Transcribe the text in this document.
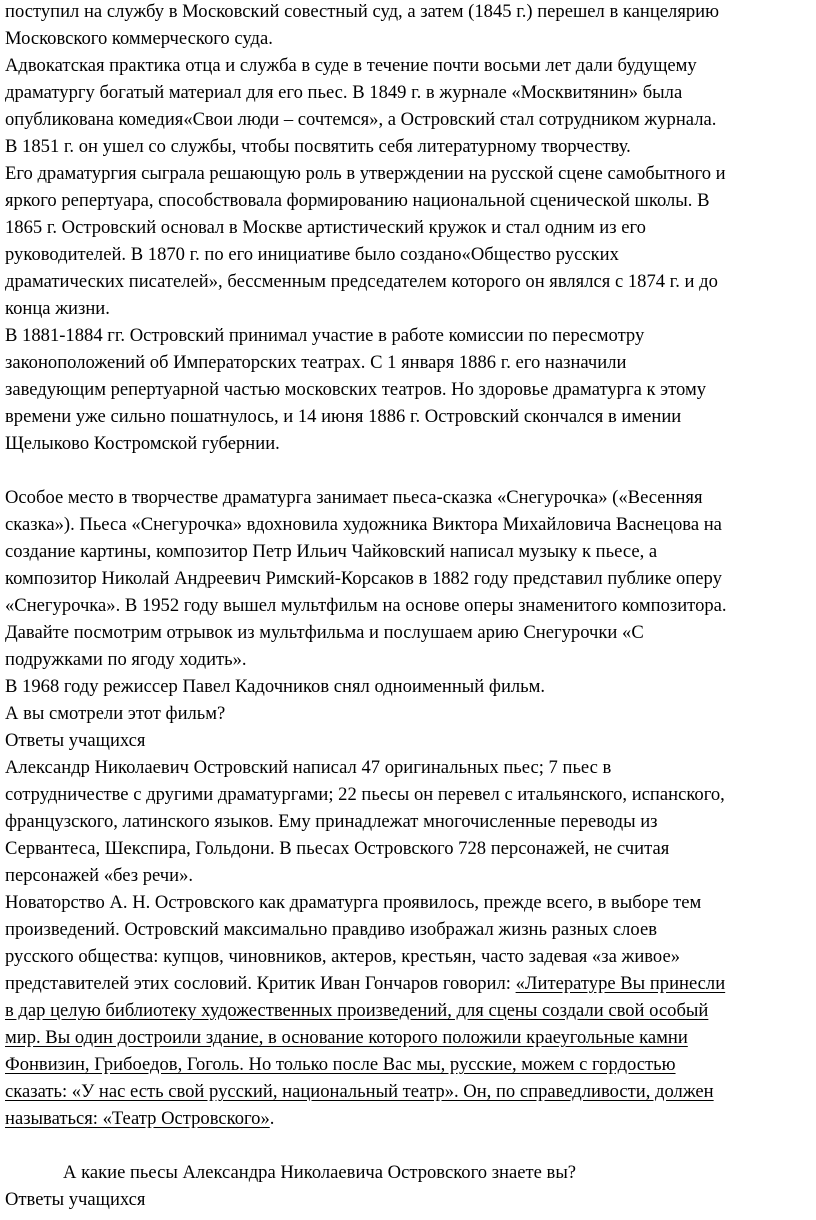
поступил на службу в Московский совестный суд, а затем (1845 г.) перешел в канцелярию
Московского коммерческого суда.
Адвокатская практика отца и служба в суде в течение почти восьми лет дали будущему
драматургу богатый материал для его пьес. В 1849 г. в журнале «Москвитянин» была
опубликована комедия«Свои люди – сочтемся», а Островский стал сотрудником журнала.
В 1851 г. он ушел со службы, чтобы посвятить себя литературному творчеству.
Его драматургия сыграла решающую роль в утверждении на русской сцене самобытного и
яркого репертуара, способствовала формированию национальной сценической школы. В
1865 г. Островский основал в Москве артистический кружок и стал одним из его
руководителей. В 1870 г. по его инициативе было создано«Общество русских
драматических писателей», бессменным председателем которого он являлся с 1874 г. и до
конца жизни.
В 1881-1884 гг. Островский принимал участие в работе комиссии по пересмотру
законоположений об Императорских театрах. С 1 января 1886 г. его назначили
заведующим репертуарной частью московских театров. Но здоровье драматурга к этому
времени уже сильно пошатнулось, и 14 июня 1886 г. Островский скончался в имении
Щелыково Костромской губернии.
Особое место в творчестве драматурга занимает пьеса-сказка «Снегурочка» («Весенняя
сказка»). Пьеса «Снегурочка» вдохновила художника Виктора Михайловича Васнецова на
создание картины, композитор Петр Ильич Чайковский написал музыку к пьесе, а
композитор Николай Андреевич Римский-Корсаков в 1882 году представил публике оперу
«Снегурочка». В 1952 году вышел мультфильм на основе оперы знаменитого композитора.
Давайте посмотрим отрывок из мультфильма и послушаем арию Снегурочки «С
подружками по ягоду ходить».
В 1968 году режиссер Павел Кадочников снял одноименный фильм.
А вы смотрели этот фильм?
Ответы учащихся
Александр Николаевич Островский написал 47 оригинальных пьес; 7 пьес в
сотрудничестве с другими драматургами; 22 пьесы он перевел с итальянского, испанского,
французского, латинского языков. Ему принадлежат многочисленные переводы из
Сервантеса, Шекспира, Гольдони. В пьесах Островского 728 персонажей, не считая
персонажей «без речи».
Новаторство А. Н. Островского как драматурга проявилось, прежде всего, в выборе тем
произведений. Островский максимально правдиво изображал жизнь разных слоев
русского общества: купцов, чиновников, актеров, крестьян, часто задевая «за живое»
представителей этих сословий. Критик Иван Гончаров говорил: «Литературе Вы принесли
в дар целую библиотеку художественных произведений, для сцены создали свой особый
мир. Вы один достроили здание, в основание которого положили краеугольные камни
Фонвизин, Грибоедов, Гоголь. Но только после Вас мы, русские, можем с гордостью
сказать: «У нас есть свой русский, национальный театр». Он, по справедливости, должен
называться: «Театр Островского».
А какие пьесы Александра Николаевича Островского знаете вы?
Ответы учащихся
